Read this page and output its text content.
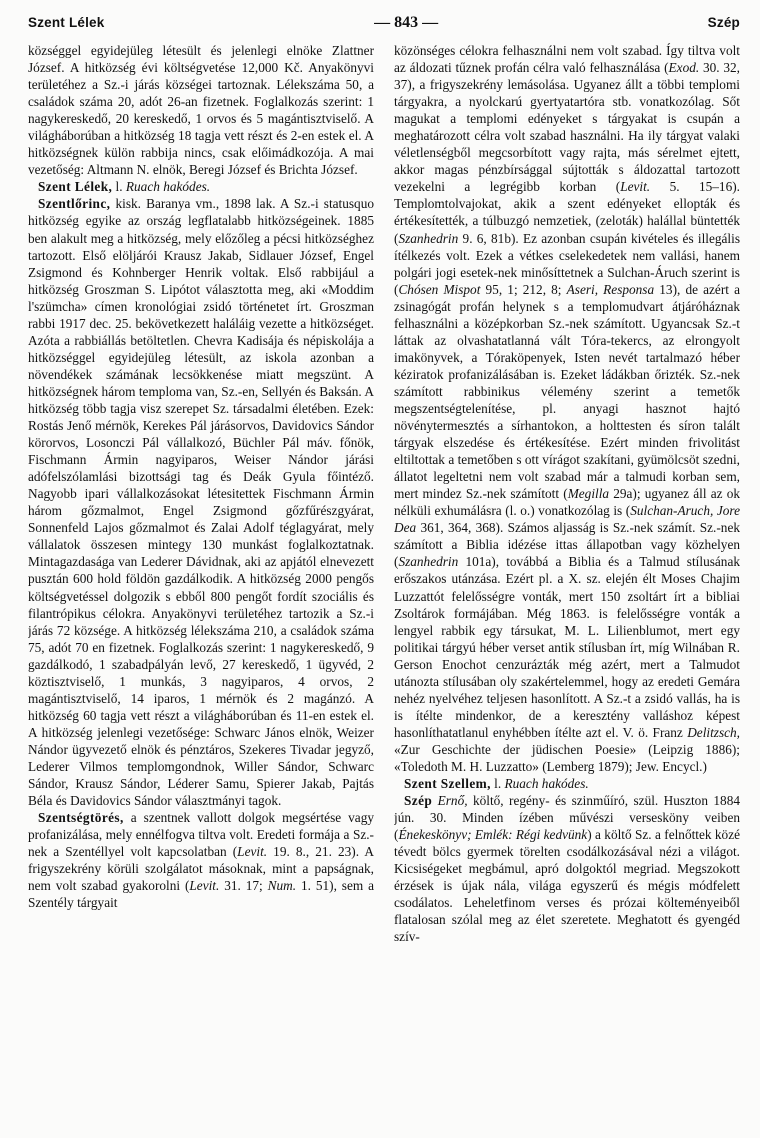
Szent Lélek	— 843 —	Szép

községgel egyidejüleg létesült és jelenlegi elnöke Zlattner József. A hitközség évi költségvetése 12,000 Kč. Anyakönyvi területéhez a Sz.-i járás községei tartoznak. Lélekszáma 50, a családok száma 20, adót 26-an fizetnek. Foglalkozás szerint: 1 nagykereskedő, 20 kereskedő, 1 orvos és 5 magántisztviselő. A világháborúban a hitközség 18 tagja vett részt és 2-en estek el. A hitközségnek külön rabbija nincs, csak előimádkozója. A mai vezetőség: Altmann N. elnök, Beregi József és Brichta József.

Szent Lélek, l. Ruach hakódes.

Szentlőrinc, kisk. Baranya vm., 1898 lak. A Sz.-i statusquo hitközség egyike az ország legflatalabb hitközségeinek. 1885 ben alakult meg a hitközség, mely előzőleg a pécsi hitközséghez tartozott. Első elöljárói Krausz Jakab, Sidlauer József, Engel Zsigmond és Kohnberger Henrik voltak. Első rabbijául a hitközség Groszman S. Lipótot választotta meg, aki «Moddim l'szümcha» címen kronológiai zsidó történetet írt. Groszman rabbi 1917 dec. 25. bekövetkezett haláláig vezette a hitközséget. Azóta a rabbiállás betöltetlen. Chevra Kadisája és népiskolája a hitközséggel egyidejüleg létesült, az iskola azonban a növendékek számának lecsökkenése miatt megszünt. A hitközségnek három temploma van, Sz.-en, Sellyén és Baksán. A hitközség több tagja visz szerepet Sz. társadalmi életében. Ezek: Rostás Jenő mérnök, Kerekes Pál járásorvos, Davidovics Sándor körorvos, Losonczi Pál vállalkozó, Büchler Pál máv. főnök, Fischmann Ármin nagyiparos, Weiser Nándor járási adófelszólamlási bizottsági tag és Deák Gyula főintéző. Nagyobb ipari vállalkozásokat létesitettek Fischmann Ármin három gőzmalmot, Engel Zsigmond gőzfűrészgyárat, Sonnenfeld Lajos gőzmalmot és Zalai Adolf téglagyárat, mely vállalatok összesen mintegy 130 munkást foglalkoztatnak. Mintagazdasága van Lederer Dávidnak, aki az apjától elnevezett pusztán 600 hold földön gazdálkodik. A hitközség 2000 pengős költségvetéssel dolgozik s ebből 800 pengőt fordít szociális és filantrópikus célokra. Anyakönyvi területéhez tartozik a Sz.-i járás 72 községe. A hitközség lélekszáma 210, a családok száma 75, adót 70 en fizetnek. Foglalkozás szerint: 1 nagykereskedő, 9 gazdálkodó, 1 szabadpályán levő, 27 kereskedő, 1 ügyvéd, 2 köztisztviselő, 1 munkás, 3 nagyiparos, 4 orvos, 2 magántisztviselő, 14 iparos, 1 mérnök és 2 magánzó. A hitközség 60 tagja vett részt a világháborúban és 11-en estek el. A hitközség jelenlegi vezetősége: Schwarc János elnök, Weizer Nándor ügyvezető elnök és pénztáros, Szekeres Tivadar jegyző, Lederer Vilmos templomgondnok, Willer Sándor, Schwarc Sándor, Krausz Sándor, Léderer Samu, Spierer Jakab, Pajtás Béla és Davidovics Sándor választmányi tagok.

Szentségtörés, a szentnek vallott dolgok megsértése vagy profanizálása, mely ennélfogva tiltva volt. Eredeti formája a Sz.-nek a Szentéllyel volt kapcsolatban (Levit. 19. 8., 21. 23). A frigyszekrény körüli szolgálatot másoknak, mint a papságnak, nem volt szabad gyakorolni (Levit. 31. 17; Num. 1. 51), sem a Szentély tárgyait

közönséges célokra felhasználni nem volt szabad. Így tiltva volt az áldozati tűznek profán célra való felhasználása (Exod. 30. 32, 37), a frigyszekrény lemásolása. Ugyanez állt a többi templomi tárgyakra, a nyolckarú gyertyatartóra stb. vonatkozólag. Sőt magukat a templomi edényeket s tárgyakat is csupán a meghatározott célra volt szabad használni. Ha ily tárgyat valaki véletlenségből megcsorbított vagy rajta, más sérelmet ejtett, akkor magas pénzbírsággal sújtották s áldozattal tartozott vezekelni a legrégibb korban (Levit. 5. 15–16). Templomtolvajokat, akik a szent edényeket ellopták és értékesítették, a túlbuzgó nemzetiek, (zeloták) halállal büntették (Szanhedrin 9. 6, 81b). Ez azonban csupán kivételes és illegális ítélkezés volt. Ezek a vétkes cselekedetek nem vallási, hanem polgári jogi esetek-nek minősíttetnek a Sulchan-Áruch szerint is (Chósen Mispot 95, 1; 212, 8; Aseri, Responsa 13), de azért a zsinagógát profán helynek s a templomudvart átjáróháznak felhasználni a középkorban Sz.-nek számított. Ugyancsak Sz.-t láttak az olvashatatlanná vált Tóra-tekercs, az elrongyolt imakönyvek, a Tóraköpenyek, Isten nevét tartalmazó héber kéziratok profanizálásában is. Ezeket ládákban őrizték. Sz.-nek számított rabbinikus vélemény szerint a temetők megszentségtelenítése, pl. anyagi hasznot hajtó növénytermesztés a sírhantokon, a holttesten és síron talált tárgyak elszedése és értékesítése. Ezért minden frivolitást eltiltottak a temetőben s ott vírágot szakítani, gyümölcsöt szedni, állatot legeltetni nem volt szabad már a talmudi korban sem, mert mindez Sz.-nek számított (Megilla 29a); ugyanez áll az ok nélküli exhumálásra (l. o.) vonatkozólag is (Sulchan-Aruch, Jore Dea 361, 364, 368). Számos aljasság is Sz.-nek számít. Sz.-nek számított a Biblia idézése ittas állapotban vagy közhelyen (Szanhedrin 101a), továbbá a Biblia és a Talmud stílusának erőszakos utánzása. Ezért pl. a X. sz. elején élt Moses Chajim Luzzattót felelősségre vonták, mert 150 zsoltárt írt a bibliai Zsoltárok formájában. Még 1863. is felelősségre vonták a lengyel rabbik egy társukat, M. L. Lilienblumot, mert egy politikai tárgyú héber verset antik stílusban írt, míg Wilnában R. Gerson Enochot cenzurázták még azért, mert a Talmudot utánozta stílusában oly szakértelemmel, hogy az eredeti Gemára nehéz nyelvéhez teljesen hasonlított. A Sz.-t a zsidó vallás, ha is is ítélte mindenkor, de a keresztény valláshoz képest hasonlíthatatlanul enyhébben ítélte azt el. V. ö. Franz Delitzsch, «Zur Geschichte der jüdischen Poesie» (Leipzig 1886); «Toledoth M. H. Luzzatto» (Lemberg 1879); Jew. Encycl.)

Szent Szellem, l. Ruach hakódes.

Szép Ernő, költő, regény- és szinműíró, szül. Huszton 1884 jún. 30. Minden ízében művészi versesköny veiben (Énekeskönyv; Emlék: Régi kedvünk) a költő Sz. a felnőttek közé tévedt bölcs gyermek törelten csodálkozásával nézi a világot. Kicsiségeket megbámul, apró dolgoktól megriad. Megszokott érzések is újak nála, világa egyszerű és mégis módfelett csodálatos. Leheletfinom verses és prózai költeményeiből flatalosan szólal meg az élet szeretete. Meghatott és gyengéd szív-
